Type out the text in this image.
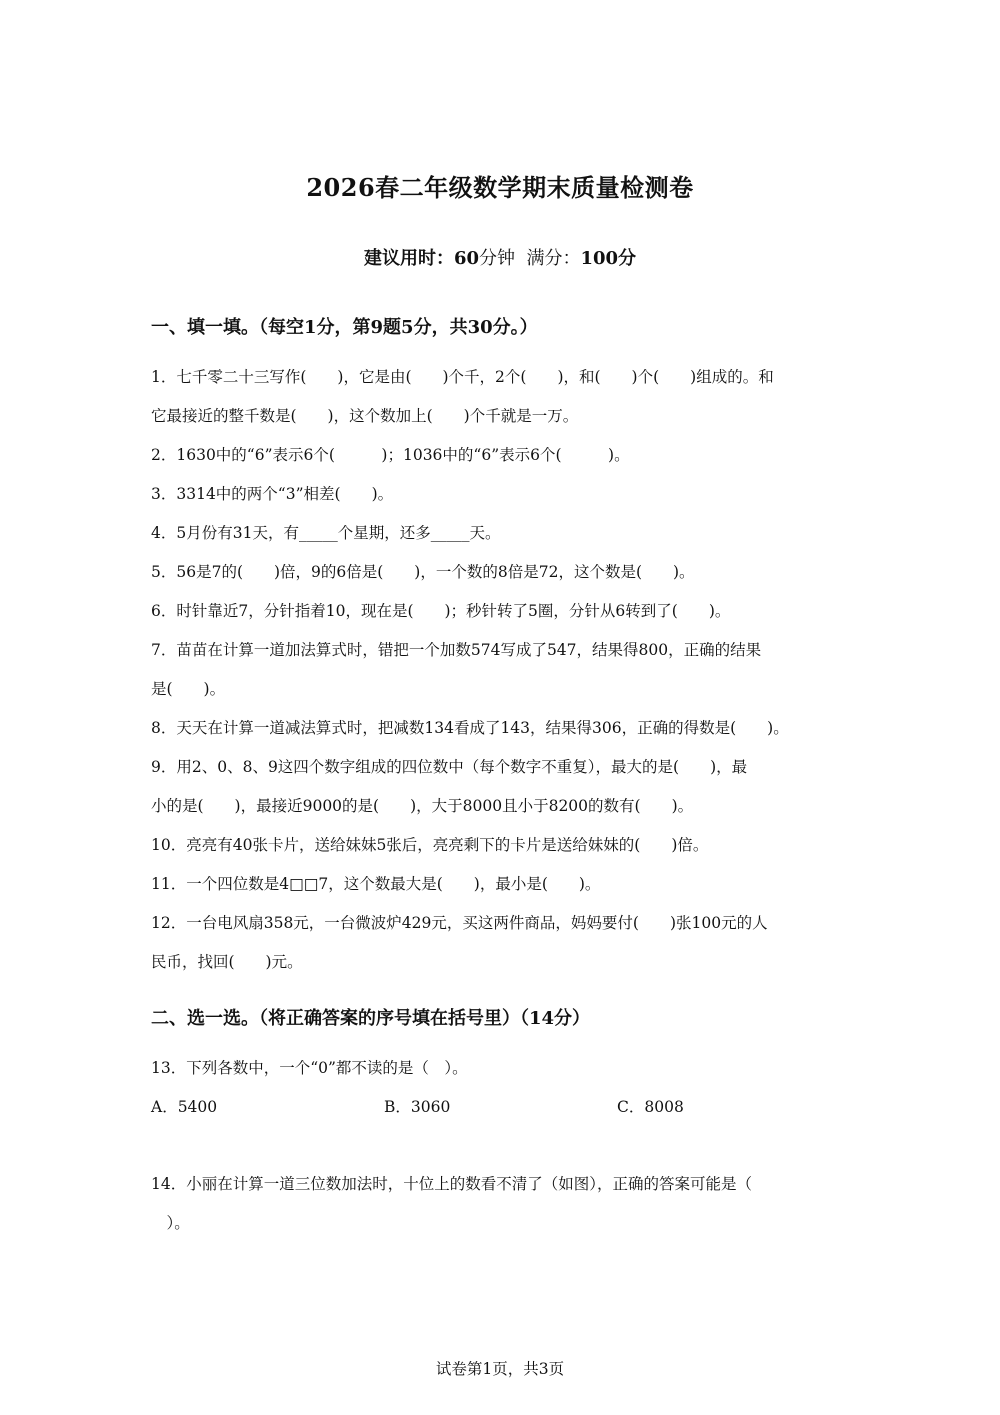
2026春二年级数学期末质量检测卷
建议用时：60分钟 满分：100分
一、填一填。（每空1分，第9题5分，共30分。）
1．七千零二十三写作(　　)，它是由(　　)个千，2个(　　)，和(　　)个(　　)组成的。和
它最接近的整千数是(　　)，这个数加上(　　)个千就是一万。
2．1630中的“6”表示6个(　　　)；1036中的“6”表示6个(　　　)。
3．3314中的两个“3”相差(　　)。
4．5月份有31天，有_____个星期，还多_____天。
5．56是7的(　　)倍，9的6倍是(　　)，一个数的8倍是72，这个数是(　　)。
6．时针靠近7，分针指着10，现在是(　　)；秒针转了5圈，分针从6转到了(　　)。
7．苗苗在计算一道加法算式时，错把一个加数574写成了547，结果得800，正确的结果
是(　　)。
8．天天在计算一道减法算式时，把减数134看成了143，结果得306，正确的得数是(　　)。
9．用2、0、8、9这四个数字组成的四位数中（每个数字不重复），最大的是(　　)，最
小的是(　　)，最接近9000的是(　　)，大于8000且小于8200的数有(　　)。
10．亮亮有40张卡片，送给妹妹5张后，亮亮剩下的卡片是送给妹妹的(　　)倍。
11．一个四位数是4□□7，这个数最大是(　　)，最小是(　　)。
12．一台电风扇358元，一台微波炉429元，买这两件商品，妈妈要付(　　)张100元的人
民币，找回(　　)元。
二、选一选。（将正确答案的序号填在括号里）（14分）
13．下列各数中，一个“0”都不读的是（　）。
A．5400	B．3060	C．8008
14．小丽在计算一道三位数加法时，十位上的数看不清了（如图），正确的答案可能是（
　）。
试卷第1页，共3页
